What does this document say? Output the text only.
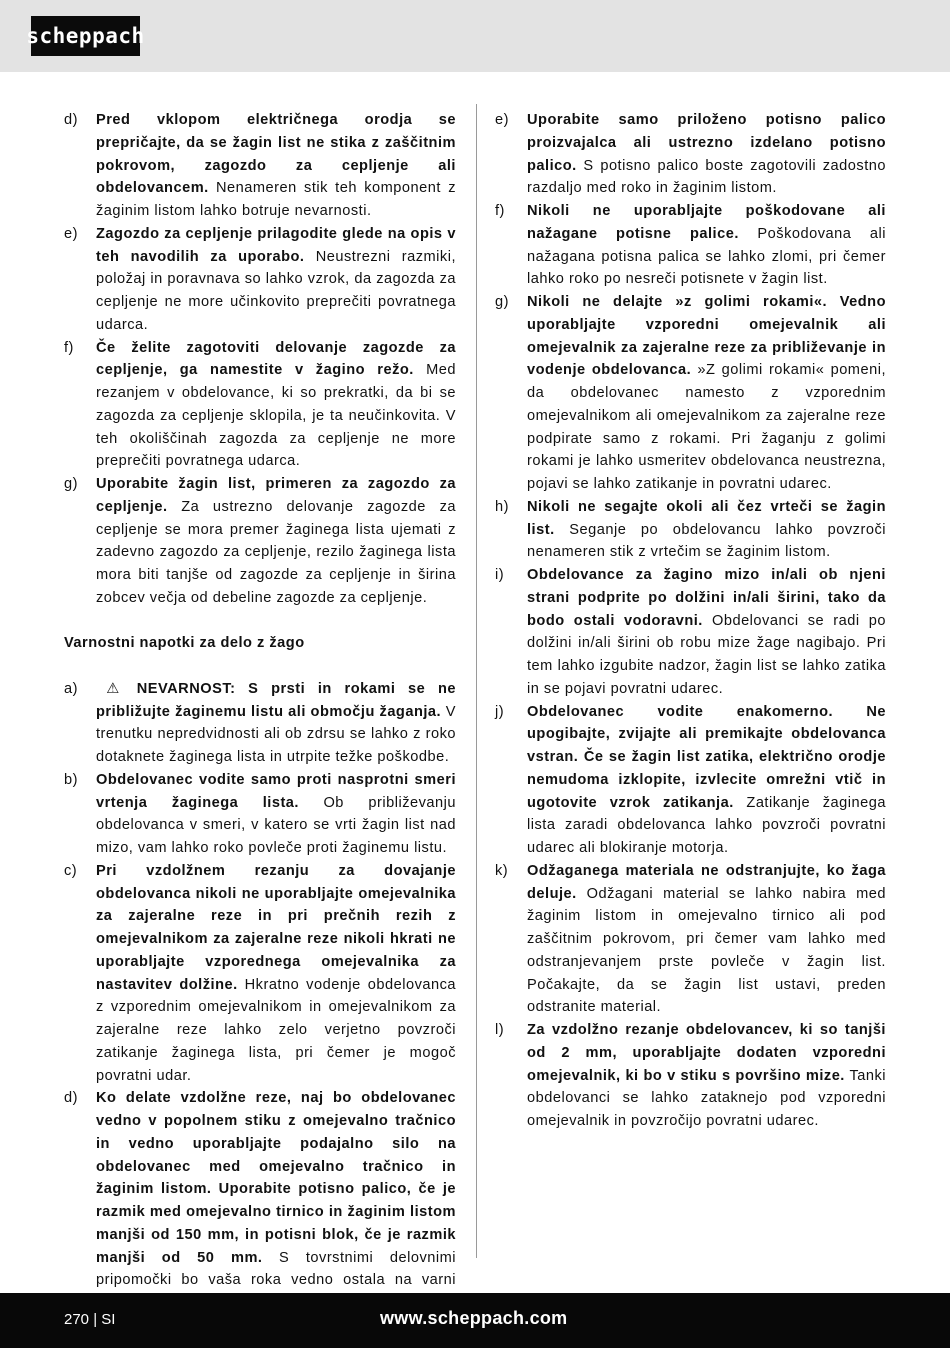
scheppach
d) Pred vklopom električnega orodja se prepričajte, da se žagin list ne stika z zaščitnim pokrovom, zagozdo za cepljenje ali obdelovancem. Nenameren stik teh komponent z žaginim listom lahko botruje nevarnosti.
e) Zagozdo za cepljenje prilagodite glede na opis v teh navodilih za uporabo. Neustrezni razmiki, položaj in poravnava so lahko vzrok, da zagozda za cepljenje ne more učinkovito preprečiti povratnega udarca.
f) Če želite zagotoviti delovanje zagozde za cepljenje, ga namestite v žagino režo. Med rezanjem v obdelovance, ki so prekratki, da bi se zagozda za cepljenje sklopila, je ta neučinkovita. V teh okoliščinah zagozda za cepljenje ne more preprečiti povratnega udarca.
g) Uporabite žagin list, primeren za zagozdo za cepljenje. Za ustrezno delovanje zagozde za cepljenje se mora premer žaginega lista ujemati z zadevno zagozdo za cepljenje, rezilo žaginega lista mora biti tanjše od zagozde za cepljenje in širina zobcev večja od debeline zagozde za cepljenje.
Varnostni napotki za delo z žago
a) ⚠ NEVARNOST: S prsti in rokami se ne približujte žaginemu listu ali območju žaganja. V trenutku nepredvidnosti ali ob zdrsu se lahko z roko dotaknete žaginega lista in utrpite težke poškodbe.
b) Obdelovanec vodite samo proti nasprotni smeri vrtenja žaginega lista. Ob približevanju obdelovanca v smeri, v katero se vrti žagin list nad mizo, vam lahko roko povleče proti žaginemu listu.
c) Pri vzdolžnem rezanju za dovajanje obdelovanca nikoli ne uporabljajte omejevalnika za zajeralne reze in pri prečnih rezih z omejevalnikom za zajeralne reze nikoli hkrati ne uporabljajte vzporednega omejevalnika za nastavitev dolžine. Hkratno vodenje obdelovanca z vzporednim omejevalnikom in omejevalnikom za zajeralne reze lahko zelo verjetno povzroči zatikanje žaginega lista, pri čemer je mogoč povratni udar.
d) Ko delate vzdolžne reze, naj bo obdelovanec vedno v popolnem stiku z omejevalno tračnico in vedno uporabljajte podajalno silo na obdelovanec med omejevalno tračnico in žaginim listom. Uporabite potisno palico, če je razmik med omejevalno tirnico in žaginim listom manjši od 150 mm, in potisni blok, če je razmik manjši od 50 mm. S tovrstnimi delovnimi pripomočki bo vaša roka vedno ostala na varni
e) Uporabite samo priloženo potisno palico proizvajalca ali ustrezno izdelano potisno palico. S potisno palico boste zagotovili zadostno razdaljo med roko in žaginim listom.
f) Nikoli ne uporabljajte poškodovane ali nažagane potisne palice. Poškodovana ali nažagana potisna palica se lahko zlomi, pri čemer lahko roko po nesreči potisnete v žagin list.
g) Nikoli ne delajte »z golimi rokami«. Vedno uporabljajte vzporedni omejevalnik ali omejevalnik za zajeralne reze za približevanje in vodenje obdelovanca. »Z golimi rokami« pomeni, da obdelovanec namesto z vzporednim omejevalnikom ali omejevalnikom za zajeralne reze podpirate samo z rokami. Pri žaganju z golimi rokami je lahko usmeritev obdelovanca neustrezna, pojavi se lahko zatikanje in povratni udarec.
h) Nikoli ne segajte okoli ali čez vrteči se žagin list. Seganje po obdelovancu lahko povzroči nenameren stik z vrtečim se žaginim listom.
i) Obdelovance za žagino mizo in/ali ob njeni strani podprite po dolžini in/ali širini, tako da bodo ostali vodoravni. Obdelovanci se radi po dolžini in/ali širini ob robu mize žage nagibajo. Pri tem lahko izgubite nadzor, žagin list se lahko zatika in se pojavi povratni udarec.
j) Obdelovanec vodite enakomerno. Ne upogibajte, zvijajte ali premikajte obdelovanca vstran. Če se žagin list zatika, električno orodje nemudoma izklopite, izvlecite omrežni vtič in ugotovite vzrok zatikanja. Zatikanje žaginega lista zaradi obdelovanca lahko povzroči povratni udarec ali blokiranje motorja.
k) Odžaganega materiala ne odstranjujte, ko žaga deluje. Odžagani material se lahko nabira med žaginim listom in omejevalno tirnico ali pod zaščitnim pokrovom, pri čemer vam lahko med odstranjevanjem prste povleče v žagin list. Počakajte, da se žagin list ustavi, preden odstranite material.
l) Za vzdolžno rezanje obdelovancev, ki so tanjši od 2 mm, uporabljajte dodaten vzporedni omejevalnik, ki bo v stiku s površino mize. Tanki obdelovanci se lahko zataknejo pod vzporedni omejevalnik in povzročijo povratni udarec.
270 | SI	www.scheppach.com
